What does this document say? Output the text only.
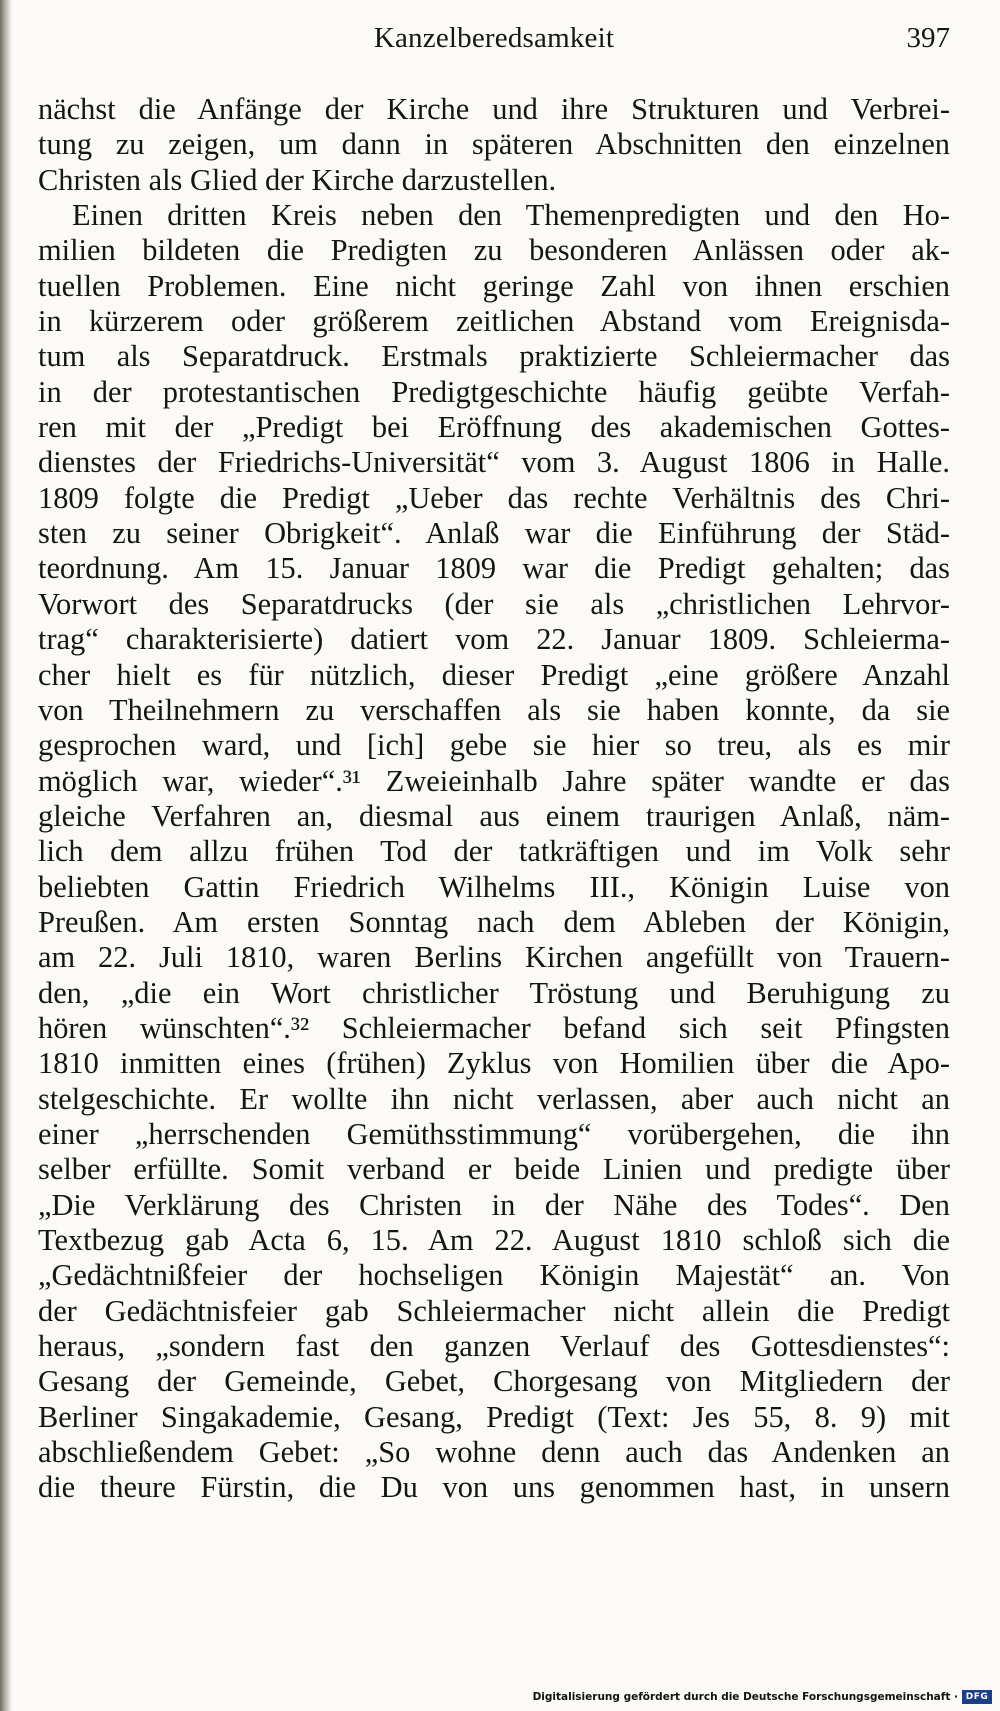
Kanzelberedsamkeit	397
nächst die Anfänge der Kirche und ihre Strukturen und Verbrei-
tung zu zeigen, um dann in späteren Abschnitten den einzelnen
Christen als Glied der Kirche darzustellen.
Einen dritten Kreis neben den Themenpredigten und den Ho-
milien bildeten die Predigten zu besonderen Anlässen oder ak-
tuellen Problemen. Eine nicht geringe Zahl von ihnen erschien
in kürzerem oder größerem zeitlichen Abstand vom Ereignisda-
tum als Separatdruck. Erstmals praktizierte Schleiermacher das
in der protestantischen Predigtgeschichte häufig geübte Verfah-
ren mit der „Predigt bei Eröffnung des akademischen Gottes-
dienstes der Friedrichs-Universität“ vom 3. August 1806 in Halle.
1809 folgte die Predigt „Ueber das rechte Verhältnis des Chri-
sten zu seiner Obrigkeit“. Anlaß war die Einführung der Städ-
teordnung. Am 15. Januar 1809 war die Predigt gehalten; das
Vorwort des Separatdrucks (der sie als „christlichen Lehrvor-
trag“ charakterisierte) datiert vom 22. Januar 1809. Schleierma-
cher hielt es für nützlich, dieser Predigt „eine größere Anzahl
von Theilnehmern zu verschaffen als sie haben konnte, da sie
gesprochen ward, und [ich] gebe sie hier so treu, als es mir
möglich war, wieder“.³¹ Zweieinhalb Jahre später wandte er das
gleiche Verfahren an, diesmal aus einem traurigen Anlaß, näm-
lich dem allzu frühen Tod der tatkräftigen und im Volk sehr
beliebten Gattin Friedrich Wilhelms III., Königin Luise von
Preußen. Am ersten Sonntag nach dem Ableben der Königin,
am 22. Juli 1810, waren Berlins Kirchen angefüllt von Trauern-
den, „die ein Wort christlicher Tröstung und Beruhigung zu
hören wünschten“.³² Schleiermacher befand sich seit Pfingsten
1810 inmitten eines (frühen) Zyklus von Homilien über die Apo-
stelgeschichte. Er wollte ihn nicht verlassen, aber auch nicht an
einer „herrschenden Gemüthsstimmung“ vorübergehen, die ihn
selber erfüllte. Somit verband er beide Linien und predigte über
„Die Verklärung des Christen in der Nähe des Todes“. Den
Textbezug gab Acta 6, 15. Am 22. August 1810 schloß sich die
„Gedächtnißfeier der hochseligen Königin Majestät“ an. Von
der Gedächtnisfeier gab Schleiermacher nicht allein die Predigt
heraus, „sondern fast den ganzen Verlauf des Gottesdienstes“:
Gesang der Gemeinde, Gebet, Chorgesang von Mitgliedern der
Berliner Singakademie, Gesang, Predigt (Text: Jes 55, 8. 9) mit
abschließendem Gebet: „So wohne denn auch das Andenken an
die theure Fürstin, die Du von uns genommen hast, in unsern
Digitalisierung gefördert durch die Deutsche Forschungsgemeinschaft · DFG
